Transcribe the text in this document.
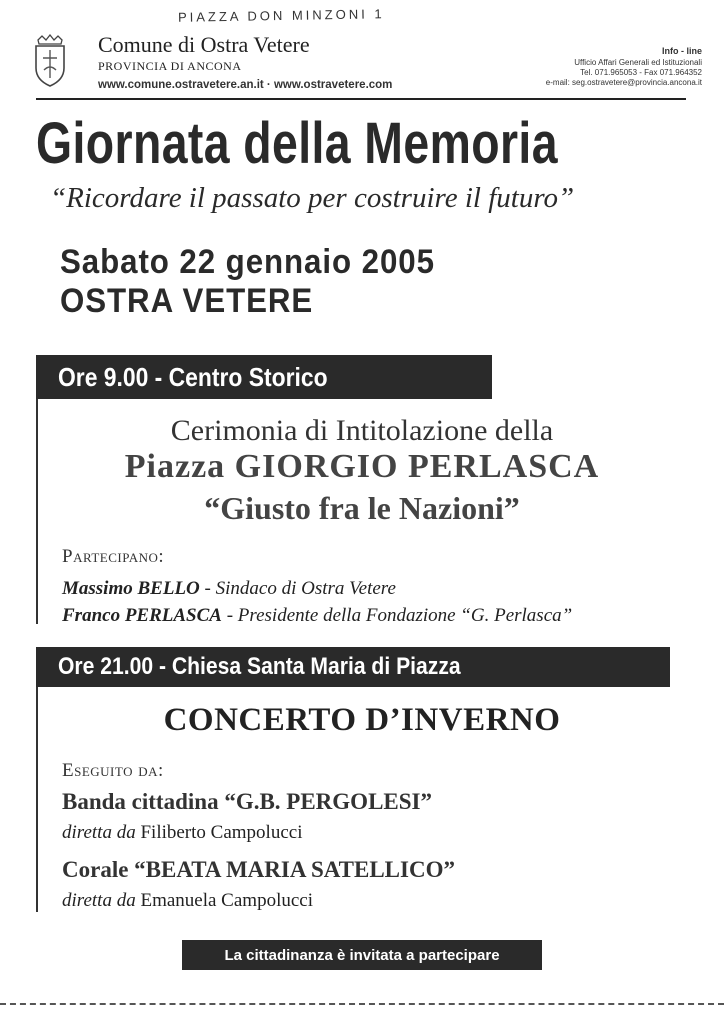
PIAZZA DON MINZONI 1
Comune di Ostra Vetere
PROVINCIA DI ANCONA
www.comune.ostravetere.an.it · www.ostravetere.com
Info - line
Ufficio Affari Generali ed Istituzionali
Tel. 071.965053 - Fax 071.964352
e-mail: seg.ostravetere@provincia.ancona.it
Giornata della Memoria
“Ricordare il passato per costruire il futuro”
Sabato 22 gennaio 2005
OSTRA VETERE
Ore 9.00 - Centro Storico
Cerimonia di Intitolazione della
Piazza GIORGIO PERLASCA
“Giusto fra le Nazioni”
Partecipano:
Massimo BELLO - Sindaco di Ostra Vetere
Franco PERLASCA - Presidente della Fondazione “G. Perlasca”
Ore 21.00 - Chiesa Santa Maria di Piazza
CONCERTO D’INVERNO
Eseguito da:
Banda cittadina “G.B. PERGOLESI”
diretta da Filiberto Campolucci
Corale “BEATA MARIA SATELLICO”
diretta da Emanuela Campolucci
La cittadinanza è invitata a partecipare
